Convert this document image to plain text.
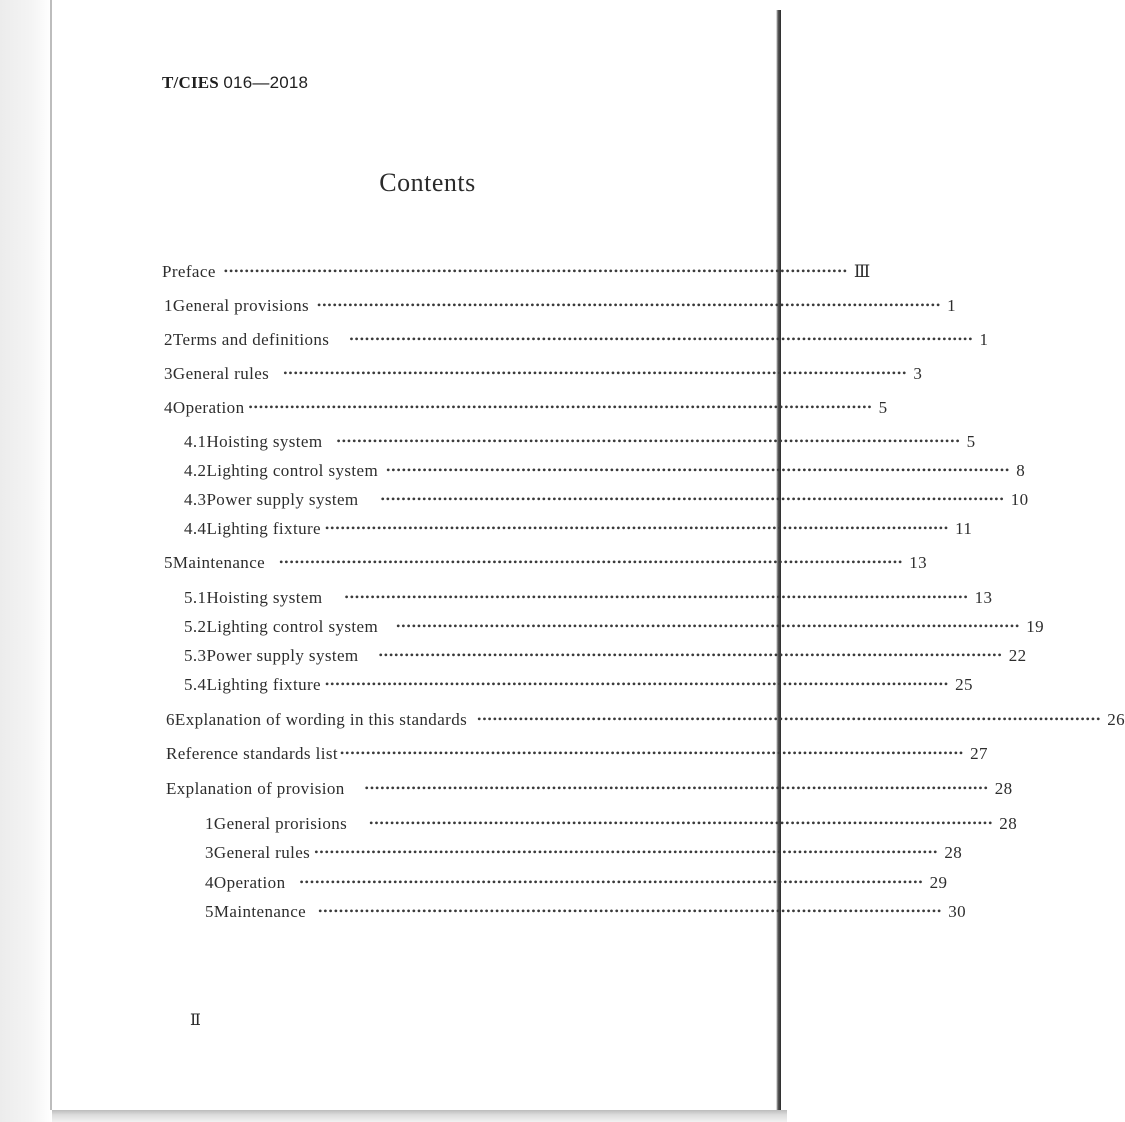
T/CIES 016—2018
Contents
Preface •••••••••••••••••••••••••••••••••••••••••••••••••••••••••••••••••••••••••••••••••••••••••••••••••••••••••••••••••••••••• Ⅲ
1 General provisions •••••••••••••••••••••••••••••••••••••••••••••••••••••••••••••••••••••••••••••••••••••••••••••••••••••••••••••••••••••••• 1
2 Terms and definitions •••••••••••••••••••••••••••••••••••••••••••••••••••••••••••••••••••••••••••••••••••••••••••••••••••••••••••••••••••••••• 1
3 General rules •••••••••••••••••••••••••••••••••••••••••••••••••••••••••••••••••••••••••••••••••••••••••••••••••••••••••••••••••••••••• 3
4 Operation •••••••••••••••••••••••••••••••••••••••••••••••••••••••••••••••••••••••••••••••••••••••••••••••••••••••••••••••••••••••• 5
4.1 Hoisting system •••••••••••••••••••••••••••••••••••••••••••••••••••••••••••••••••••••••••••••••••••••••••••••••••••••••••••••••••••••••• 5
4.2 Lighting control system •••••••••••••••••••••••••••••••••••••••••••••••••••••••••••••••••••••••••••••••••••••••••••••••••••••••••••••••••••••••• 8
4.3 Power supply system •••••••••••••••••••••••••••••••••••••••••••••••••••••••••••••••••••••••••••••••••••••••••••••••••••••••••••••••••••••••• 10
4.4 Lighting fixture •••••••••••••••••••••••••••••••••••••••••••••••••••••••••••••••••••••••••••••••••••••••••••••••••••••••••••••••••••••••• 11
5 Maintenance •••••••••••••••••••••••••••••••••••••••••••••••••••••••••••••••••••••••••••••••••••••••••••••••••••••••••••••••••••••••• 13
5.1 Hoisting system •••••••••••••••••••••••••••••••••••••••••••••••••••••••••••••••••••••••••••••••••••••••••••••••••••••••••••••••••••••••• 13
5.2 Lighting control system •••••••••••••••••••••••••••••••••••••••••••••••••••••••••••••••••••••••••••••••••••••••••••••••••••••••••••••••••••••••• 19
5.3 Power supply system •••••••••••••••••••••••••••••••••••••••••••••••••••••••••••••••••••••••••••••••••••••••••••••••••••••••••••••••••••••••• 22
5.4 Lighting fixture •••••••••••••••••••••••••••••••••••••••••••••••••••••••••••••••••••••••••••••••••••••••••••••••••••••••••••••••••••••••• 25
6 Explanation of wording in this standards •••••••••••••••••••••••••••••••••••••••••••••••••••••••••••••••••••••••••••••••••••••••••••••••••••••••••••••••••••••••• 26
Reference standards list •••••••••••••••••••••••••••••••••••••••••••••••••••••••••••••••••••••••••••••••••••••••••••••••••••••••••••••••••••••••• 27
Explanation of provision •••••••••••••••••••••••••••••••••••••••••••••••••••••••••••••••••••••••••••••••••••••••••••••••••••••••••••••••••••••••• 28
1 General prorisions •••••••••••••••••••••••••••••••••••••••••••••••••••••••••••••••••••••••••••••••••••••••••••••••••••••••••••••••••••••••• 28
3 General rules •••••••••••••••••••••••••••••••••••••••••••••••••••••••••••••••••••••••••••••••••••••••••••••••••••••••••••••••••••••••• 28
4 Operation •••••••••••••••••••••••••••••••••••••••••••••••••••••••••••••••••••••••••••••••••••••••••••••••••••••••••••••••••••••••• 29
5 Maintenance •••••••••••••••••••••••••••••••••••••••••••••••••••••••••••••••••••••••••••••••••••••••••••••••••••••••••••••••••••••••• 30
Ⅱ
